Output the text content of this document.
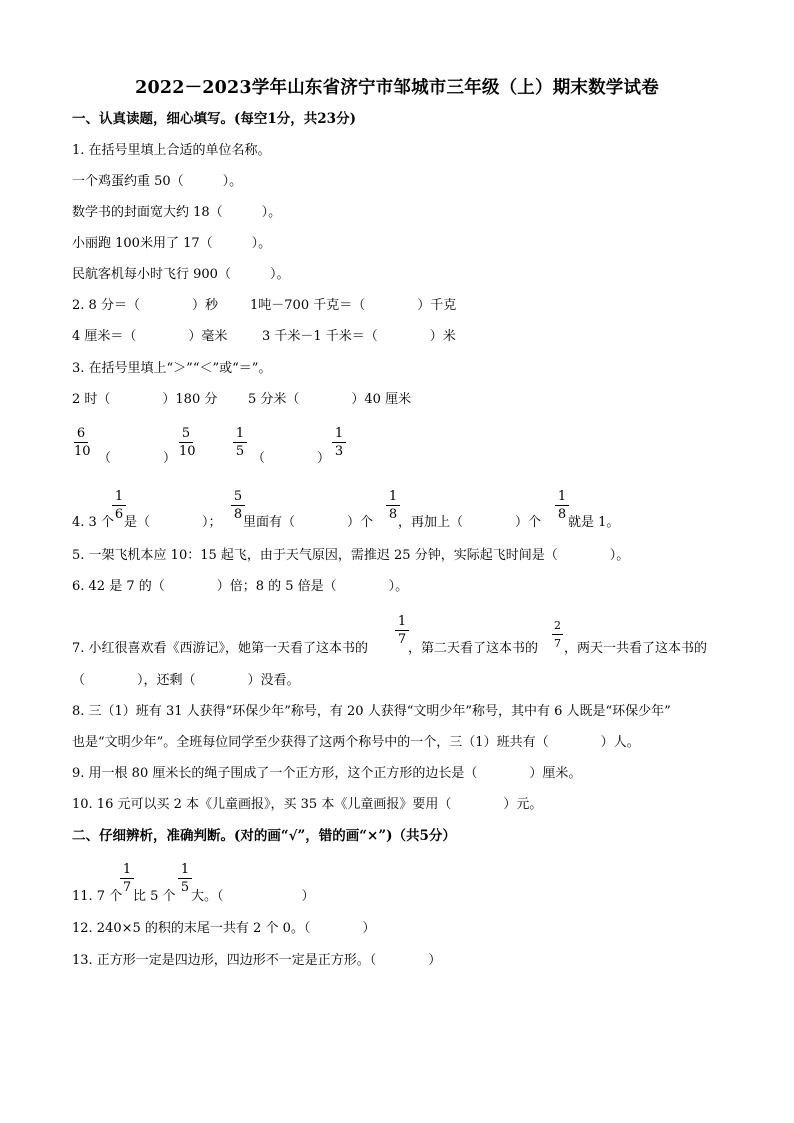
2022－2023学年山东省济宁市邹城市三年级（上）期末数学试卷
一、认真读题，细心填写。(每空1分，共23分)
1. 在括号里填上合适的单位名称。
一个鸡蛋约重 50（　　　）。
数学书的封面宽大约 18（　　　）。
小丽跑 100米用了 17（　　　）。
民航客机每小时飞行 900（　　　）。
2. 8 分＝（　　　　）秒 1吨－700 千克＝（　　　　）千克
4 厘米＝（　　　　）毫米	3 千米－1 千米＝（　　　　）米
3. 在括号里填上“＞”“＜”或“＝”。
2 时（　　　　）180 分 5 分米（　　　　）40 厘米
6
10 （　　　　）
5
10
1
5 （　　　　）
1
3
4. 3 个
1
6
是（　　　　）；
5
8
里面有（　　　　）个
1
8
，再加上（　　　　）个
1
8
就是 1。
5. 一架飞机本应 10：15 起飞，由于天气原因，需推迟 25 分钟，实际起飞时间是（　　　　）。
6. 42 是 7 的（　　　　）倍；8 的 5 倍是（　　　　）。
7. 小红很喜欢看《西游记》，她第一天看了这本书的
1
7
，第二天看了这本书的
2
7 ，两天一共看了这本书的
（　　　　），还剩（　　　　）没看。
8. 三（1）班有 31 人获得“环保少年”称号，有 20 人获得“文明少年”称号，其中有 6 人既是“环保少年”
也是“文明少年”。全班每位同学至少获得了这两个称号中的一个，三（1）班共有（　　　　）人。
9. 用一根 80 厘米长的绳子围成了一个正方形，这个正方形的边长是（　　　　）厘米。
10. 16 元可以买 2 本《儿童画报》，买 35 本《儿童画报》要用（　　　　）元。
二、仔细辨析，准确判断。(对的画“√”，错的画“×”)（共5分）
11. 7 个
1
7
比 5 个
1
5
大。（　　　　　　）
12. 240×5 的积的末尾一共有 2 个 0。（　　　　）
13. 正方形一定是四边形，四边形不一定是正方形。（　　　　）
